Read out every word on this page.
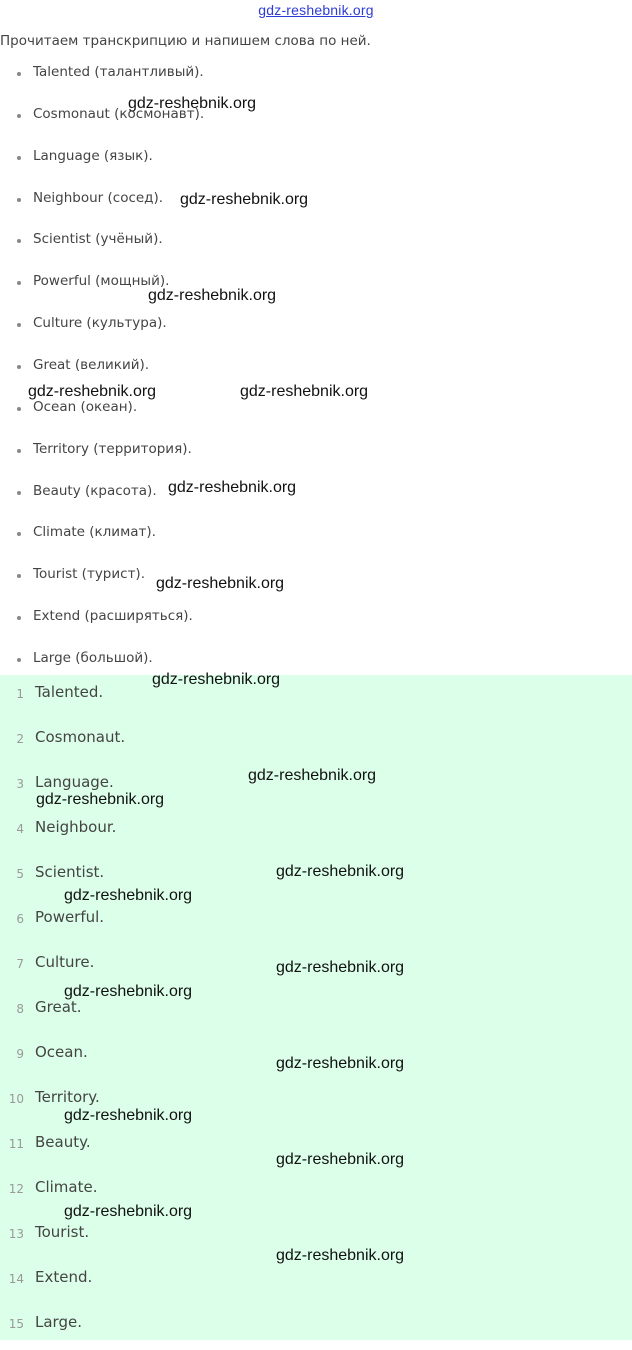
gdz-reshebnik.org
Прочитаем транскрипцию и напишем слова по ней.
Talented (талантливый).
Cosmonaut (космонавт).
Language (язык).
Neighbour (сосед).
Scientist (учёный).
Powerful (мощный).
Culture (культура).
Great (великий).
Ocean (океан).
Territory (территория).
Beauty (красота).
Climate (климат).
Tourist (турист).
Extend (расширяться).
Large (большой).
1 Talented.
2 Cosmonaut.
3 Language.
4 Neighbour.
5 Scientist.
6 Powerful.
7 Culture.
8 Great.
9 Ocean.
10 Territory.
11 Beauty.
12 Climate.
13 Tourist.
14 Extend.
15 Large.
gdz-reshebnik.org
gdz-reshebnik.org
gdz-reshebnik.org
gdz-reshebnik.org	gdz-reshebnik.org
gdz-reshebnik.org
gdz-reshebnik.org
gdz-reshebnik.org
gdz-reshebnik.org
gdz-reshebnik.org
gdz-reshebnik.org
gdz-reshebnik.org
gdz-reshebnik.org
gdz-reshebnik.org
gdz-reshebnik.org
gdz-reshebnik.org
gdz-reshebnik.org
gdz-reshebnik.org
gdz-reshebnik.org
